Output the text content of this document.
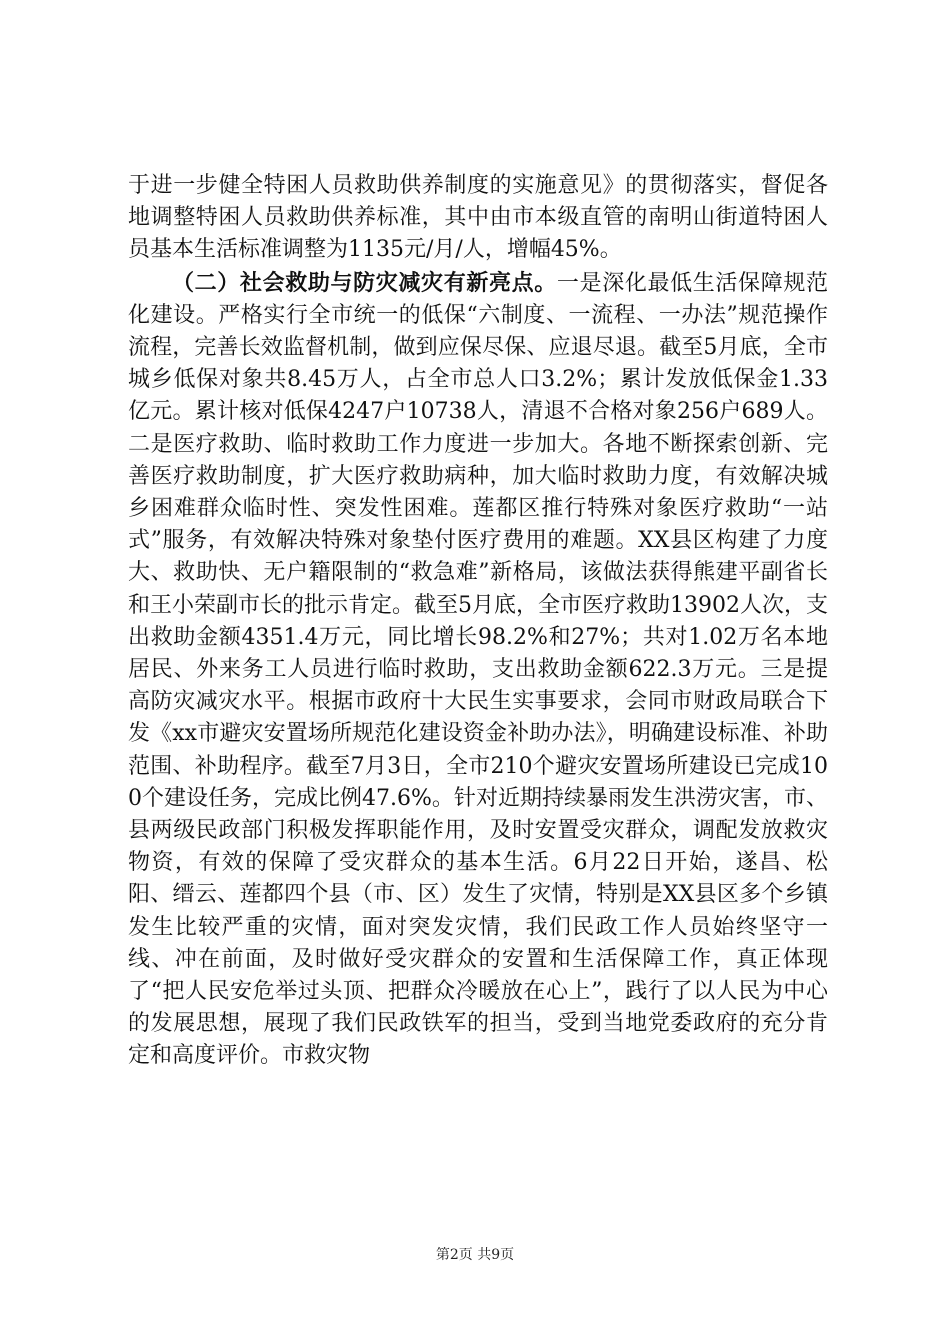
于进一步健全特困人员救助供养制度的实施意见》的贯彻落实，督促各地调整特困人员救助供养标准，其中由市本级直管的南明山街道特困人员基本生活标准调整为1135元/月/人，增幅45%。

（二）社会救助与防灾减灾有新亮点。一是深化最低生活保障规范化建设。严格实行全市统一的低保“六制度、一流程、一办法”规范操作流程，完善长效监督机制，做到应保尽保、应退尽退。截至5月底，全市城乡低保对象共8.45万人，占全市总人口3.2%；累计发放低保金1.33亿元。累计核对低保4247户10738人，清退不合格对象256户689人。二是医疗救助、临时救助工作力度进一步加大。各地不断探索创新、完善医疗救助制度，扩大医疗救助病种，加大临时救助力度，有效解决城乡困难群众临时性、突发性困难。莲都区推行特殊对象医疗救助“一站式”服务，有效解决特殊对象垫付医疗费用的难题。XX县区构建了力度大、救助快、无户籍限制的“救急难”新格局，该做法获得熊建平副省长和王小荣副市长的批示肯定。截至5月底，全市医疗救助13902人次，支出救助金额4351.4万元，同比增长98.2%和27%；共对1.02万名本地居民、外来务工人员进行临时救助，支出救助金额622.3万元。三是提高防灾减灾水平。根据市政府十大民生实事要求，会同市财政局联合下发《xx市避灾安置场所规范化建设资金补助办法》，明确建设标准、补助范围、补助程序。截至7月3日，全市210个避灾安置场所建设已完成100个建设任务，完成比例47.6%。针对近期持续暴雨发生洪涝灾害，市、县两级民政部门积极发挥职能作用，及时安置受灾群众，调配发放救灾物资，有效的保障了受灾群众的基本生活。6月22日开始，遂昌、松阳、缙云、莲都四个县（市、区）发生了灾情，特别是XX县区多个乡镇发生比较严重的灾情，面对突发灾情，我们民政工作人员始终坚守一线、冲在前面，及时做好受灾群众的安置和生活保障工作，真正体现了“把人民安危举过头顶、把群众冷暖放在心上”，践行了以人民为中心的发展思想，展现了我们民政铁军的担当，受到当地党委政府的充分肯定和高度评价。市救灾物

第2页 共9页
